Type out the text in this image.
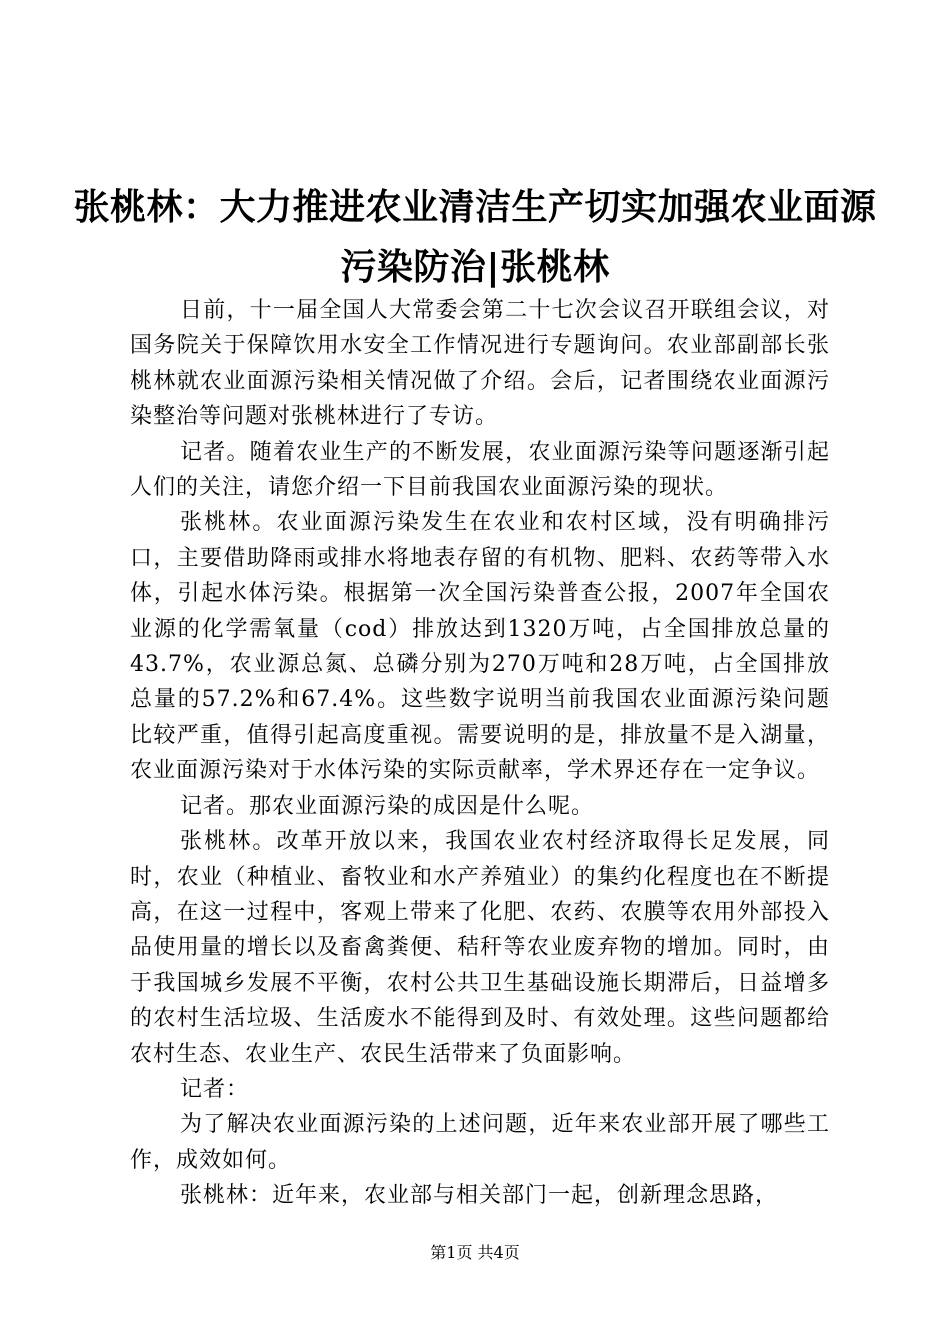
张桃林：大力推进农业清洁生产切实加强农业面源污染防治|张桃林

日前，十一届全国人大常委会第二十七次会议召开联组会议，对国务院关于保障饮用水安全工作情况进行专题询问。农业部副部长张桃林就农业面源污染相关情况做了介绍。会后，记者围绕农业面源污染整治等问题对张桃林进行了专访。

记者。随着农业生产的不断发展，农业面源污染等问题逐渐引起人们的关注，请您介绍一下目前我国农业面源污染的现状。

张桃林。农业面源污染发生在农业和农村区域，没有明确排污口，主要借助降雨或排水将地表存留的有机物、肥料、农药等带入水体，引起水体污染。根据第一次全国污染普查公报，2007年全国农业源的化学需氧量（cod）排放达到1320万吨，占全国排放总量的43.7%，农业源总氮、总磷分别为270万吨和28万吨，占全国排放总量的57.2%和67.4%。这些数字说明当前我国农业面源污染问题比较严重，值得引起高度重视。需要说明的是，排放量不是入湖量，农业面源污染对于水体污染的实际贡献率，学术界还存在一定争议。

记者。那农业面源污染的成因是什么呢。

张桃林。改革开放以来，我国农业农村经济取得长足发展，同时，农业（种植业、畜牧业和水产养殖业）的集约化程度也在不断提高，在这一过程中，客观上带来了化肥、农药、农膜等农用外部投入品使用量的增长以及畜禽粪便、秸秆等农业废弃物的增加。同时，由于我国城乡发展不平衡，农村公共卫生基础设施长期滞后，日益增多的农村生活垃圾、生活废水不能得到及时、有效处理。这些问题都给农村生态、农业生产、农民生活带来了负面影响。

记者：

为了解决农业面源污染的上述问题，近年来农业部开展了哪些工作，成效如何。

张桃林：近年来，农业部与相关部门一起，创新理念思路，

第1页 共4页
